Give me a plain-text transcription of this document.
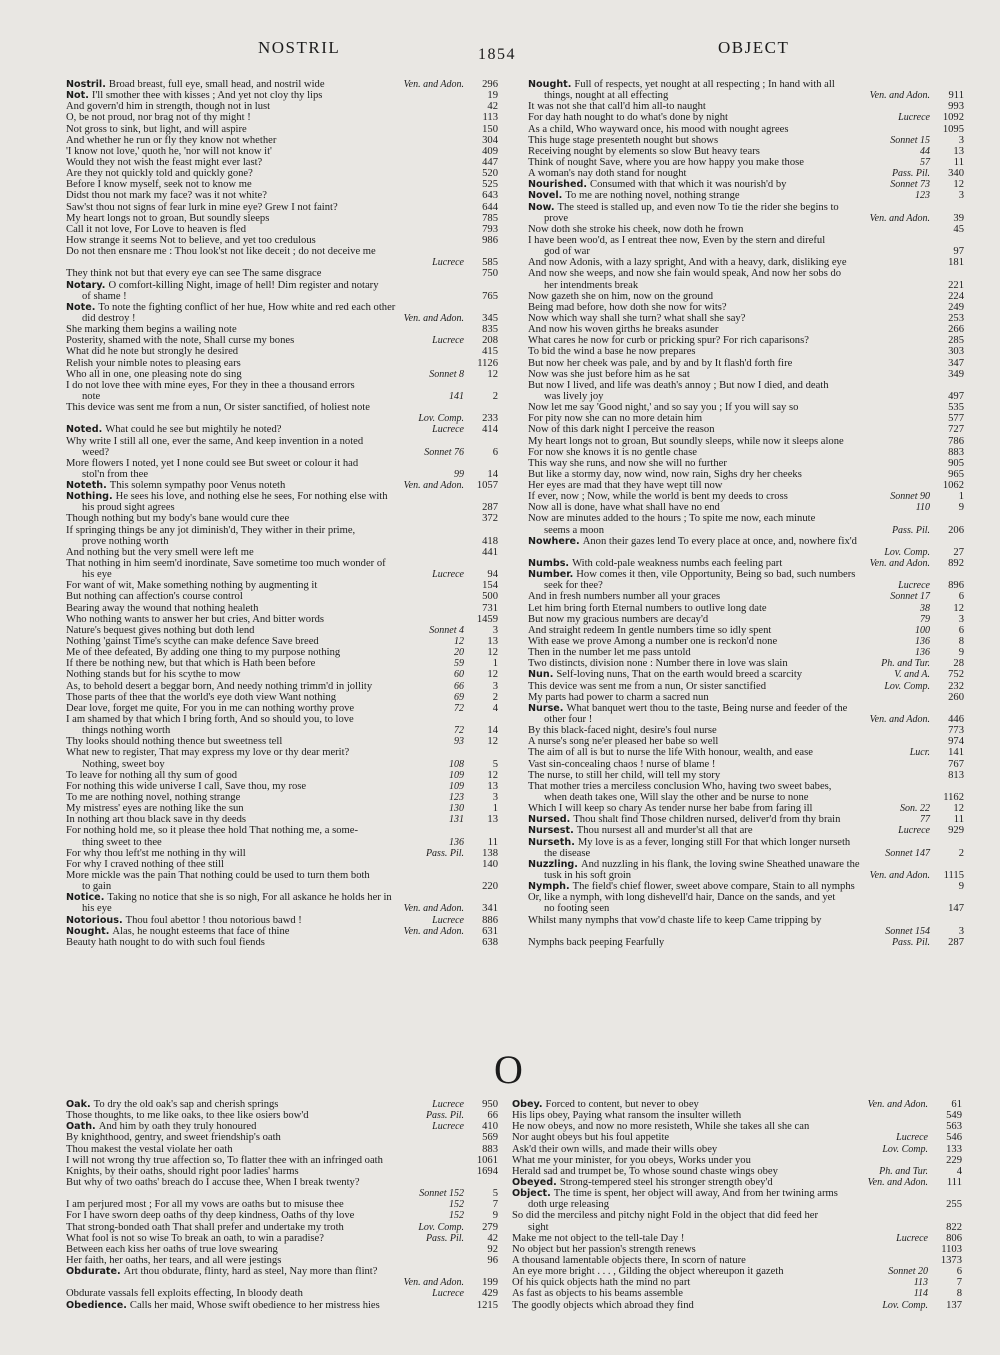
NOSTRIL	1854	OBJECT
Nostril. Broad breast, full eye, small head, and nostril wide	Ven. and Adon.	296
Not. I'll smother thee with kisses ; And yet not cloy thy lips	19
And govern'd him in strength, though not in lust	42
O, be not proud, nor brag not of thy might !	113
Not gross to sink, but light, and will aspire	150
And whether he run or fly they know not whether	304
'I know not love,' quoth he, 'nor will not know it'	409
Would they not wish the feast might ever last?	447
Are they not quickly told and quickly gone?	520
Before I know myself, seek not to know me	525
Didst thou not mark my face? was it not white?	643
Saw'st thou not signs of fear lurk in mine eye? Grew I not faint?	644
My heart longs not to groan, But soundly sleeps	785
Call it not love, For Love to heaven is fled	793
How strange it seems Not to believe, and yet too credulous	986
Do not then ensnare me : Thou look'st not like deceit ; do not deceive me
Lucrece	585
They think not but that every eye can see The same disgrace	750
Notary. O comfort-killing Night, image of hell! Dim register and notary
of shame !	765
Note. To note the fighting conflict of her hue, How white and red each other
did destroy !	Ven. and Adon.	345
She marking them begins a wailing note	835
Posterity, shamed with the note, Shall curse my bones	Lucrece	208
What did he note but strongly he desired	415
Relish your nimble notes to pleasing ears	1126
Who all in one, one pleasing note do sing	Sonnet 8	12
I do not love thee with mine eyes, For they in thee a thousand errors
note	141	2
This device was sent me from a nun, Or sister sanctified, of holiest note
Lov. Comp.	233
Noted. What could he see but mightily he noted?	Lucrece	414
Why write I still all one, ever the same, And keep invention in a noted
weed?	Sonnet 76	6
More flowers I noted, yet I none could see But sweet or colour it had
stol'n from thee	99	14
Noteth. This solemn sympathy poor Venus noteth	Ven. and Adon.	1057
Nothing. He sees his love, and nothing else he sees, For nothing else with
his proud sight agrees	287
Though nothing but my body's bane would cure thee	372
If springing things be any jot diminish'd, They wither in their prime,
prove nothing worth	418
And nothing but the very smell were left me	441
That nothing in him seem'd inordinate, Save sometime too much wonder of
his eye	Lucrece	94
For want of wit, Make something nothing by augmenting it	154
But nothing can affection's course control	500
Bearing away the wound that nothing healeth	731
Who nothing wants to answer her but cries, And bitter words	1459
Nature's bequest gives nothing but doth lend	Sonnet 4	3
Nothing 'gainst Time's scythe can make defence Save breed	12	13
Me of thee defeated, By adding one thing to my purpose nothing	20	12
If there be nothing new, but that which is Hath been before	59	1
Nothing stands but for his scythe to mow	60	12
As, to behold desert a beggar born, And needy nothing trimm'd in jollity	66	3
Those parts of thee that the world's eye doth view Want nothing	69	2
Dear love, forget me quite, For you in me can nothing worthy prove	72	4
I am shamed by that which I bring forth, And so should you, to love
things nothing worth	72	14
Thy looks should nothing thence but sweetness tell	93	12
What new to register, That may express my love or thy dear merit?
Nothing, sweet boy	108	5
To leave for nothing all thy sum of good	109	12
For nothing this wide universe I call, Save thou, my rose	109	13
To me are nothing novel, nothing strange	123	3
My mistress' eyes are nothing like the sun	130	1
In nothing art thou black save in thy deeds	131	13
For nothing hold me, so it please thee hold That nothing me, a some-
thing sweet to thee	136	11
For why thou left'st me nothing in thy will	Pass. Pil.	138
For why I craved nothing of thee still	140
More mickle was the pain That nothing could be used to turn them both
to gain	220
Notice. Taking no notice that she is so nigh, For all askance he holds her in
his eye	Ven. and Adon.	341
Notorious. Thou foul abettor ! thou notorious bawd !	Lucrece	886
Nought. Alas, he nought esteems that face of thine	Ven. and Adon.	631
Beauty hath nought to do with such foul fiends	638
Nought. Full of respects, yet nought at all respecting ; In hand with all
things, nought at all effecting	Ven. and Adon.	911
It was not she that call'd him all-to naught	993
For day hath nought to do what's done by night	Lucrece	1092
As a child, Who wayward once, his mood with nought agrees	1095
This huge stage presenteth nought but shows	Sonnet 15	3
Receiving nought by elements so slow But heavy tears	44	13
Think of nought Save, where you are how happy you make those	57	11
A woman's nay doth stand for nought	Pass. Pil.	340
Nourished. Consumed with that which it was nourish'd by	Sonnet 73	12
Novel. To me are nothing novel, nothing strange	123	3
Now. The steed is stalled up, and even now To tie the rider she begins to
prove	Ven. and Adon.	39
Now doth she stroke his cheek, now doth he frown	45
I have been woo'd, as I entreat thee now, Even by the stern and direful
god of war	97
And now Adonis, with a lazy spright, And with a heavy, dark, disliking eye	181
And now she weeps, and now she fain would speak, And now her sobs do
her intendments break	221
Now gazeth she on him, now on the ground	224
Being mad before, how doth she now for wits?	249
Now which way shall she turn? what shall she say?	253
And now his woven girths he breaks asunder	266
What cares he now for curb or pricking spur? For rich caparisons?	285
To bid the wind a base he now prepares	303
But now her cheek was pale, and by and by It flash'd forth fire	347
Now was she just before him as he sat	349
But now I lived, and life was death's annoy ; But now I died, and death
was lively joy	497
Now let me say 'Good night,' and so say you ; If you will say so	535
For pity now she can no more detain him	577
Now of this dark night I perceive the reason	727
My heart longs not to groan, But soundly sleeps, while now it sleeps alone	786
For now she knows it is no gentle chase	883
This way she runs, and now she will no further	905
But like a stormy day, now wind, now rain, Sighs dry her cheeks	965
Her eyes are mad that they have wept till now	1062
If ever, now ; Now, while the world is bent my deeds to cross	Sonnet 90	1
Now all is done, have what shall have no end	110	9
Now are minutes added to the hours ; To spite me now, each minute
seems a moon	Pass. Pil.	206
Nowhere. Anon their gazes lend To every place at once, and, nowhere fix'd
Lov. Comp.	27
Numbs. With cold-pale weakness numbs each feeling part	Ven. and Adon.	892
Number. How comes it then, vile Opportunity, Being so bad, such numbers
seek for thee?	Lucrece	896
And in fresh numbers number all your graces	Sonnet 17	6
Let him bring forth Eternal numbers to outlive long date	38	12
But now my gracious numbers are decay'd	79	3
And straight redeem In gentle numbers time so idly spent	100	6
With ease we prove Among a number one is reckon'd none	136	8
Then in the number let me pass untold	136	9
Two distincts, division none : Number there in love was slain	Ph. and Tur.	28
Nun. Self-loving nuns, That on the earth would breed a scarcity	V. and A.	752
This device was sent me from a nun, Or sister sanctified	Lov. Comp.	232
My parts had power to charm a sacred nun	260
Nurse. What banquet wert thou to the taste, Being nurse and feeder of the
other four !	Ven. and Adon.	446
By this black-faced night, desire's foul nurse	773
A nurse's song ne'er pleased her babe so well	974
The aim of all is but to nurse the life With honour, wealth, and ease	Lucr.	141
Vast sin-concealing chaos ! nurse of blame !	767
The nurse, to still her child, will tell my story	813
That mother tries a merciless conclusion Who, having two sweet babes,
when death takes one, Will slay the other and be nurse to none	1162
Which I will keep so chary As tender nurse her babe from faring ill	Son. 22	12
Nursed. Thou shalt find Those children nursed, deliver'd from thy brain	77	11
Nursest. Thou nursest all and murder'st all that are	Lucrece	929
Nurseth. My love is as a fever, longing still For that which longer nurseth
the disease	Sonnet 147	2
Nuzzling. And nuzzling in his flank, the loving swine Sheathed unaware the
tusk in his soft groin	Ven. and Adon.	1115
Nymph. The field's chief flower, sweet above compare, Stain to all nymphs	9
Or, like a nymph, with long dishevell'd hair, Dance on the sands, and yet
no footing seen	147
Whilst many nymphs that vow'd chaste life to keep Came tripping by
Sonnet 154	3
Nymphs back peeping Fearfully	Pass. Pil.	287
O
Oak. To dry the old oak's sap and cherish springs	Lucrece	950
Those thoughts, to me like oaks, to thee like osiers bow'd	Pass. Pil.	66
Oath. And him by oath they truly honoured	Lucrece	410
By knighthood, gentry, and sweet friendship's oath	569
Thou makest the vestal violate her oath	883
I will not wrong thy true affection so, To flatter thee with an infringed oath	1061
Knights, by their oaths, should right poor ladies' harms	1694
But why of two oaths' breach do I accuse thee, When I break twenty?
Sonnet 152	5
I am perjured most ; For all my vows are oaths but to misuse thee	152	7
For I have sworn deep oaths of thy deep kindness, Oaths of thy love	152	9
That strong-bonded oath That shall prefer and undertake my troth	Lov. Comp.	279
What fool is not so wise To break an oath, to win a paradise?	Pass. Pil.	42
Between each kiss her oaths of true love swearing	92
Her faith, her oaths, her tears, and all were jestings	96
Obdurate. Art thou obdurate, flinty, hard as steel, Nay more than flint?
Ven. and Adon.	199
Obdurate vassals fell exploits effecting, In bloody death	Lucrece	429
Obedience. Calls her maid, Whose swift obedience to her mistress hies	1215
Obey. Forced to content, but never to obey	Ven. and Adon.	61
His lips obey, Paying what ransom the insulter willeth	549
He now obeys, and now no more resisteth, While she takes all she can	563
Nor aught obeys but his foul appetite	Lucrece	546
Ask'd their own wills, and made their wills obey	Lov. Comp.	133
What me your minister, for you obeys, Works under you	229
Herald sad and trumpet be, To whose sound chaste wings obey	Ph. and Tur.	4
Obeyed. Strong-tempered steel his stronger strength obey'd	Ven. and Adon.	111
Object. The time is spent, her object will away, And from her twining arms
doth urge releasing	255
So did the merciless and pitchy night Fold in the object that did feed her
sight	822
Make me not object to the tell-tale Day !	Lucrece	806
No object but her passion's strength renews	1103
A thousand lamentable objects there, In scorn of nature	1373
An eye more bright . . . , Gilding the object whereupon it gazeth	Sonnet 20	6
Of his quick objects hath the mind no part	113	7
As fast as objects to his beams assemble	114	8
The goodly objects which abroad they find	Lov. Comp.	137
